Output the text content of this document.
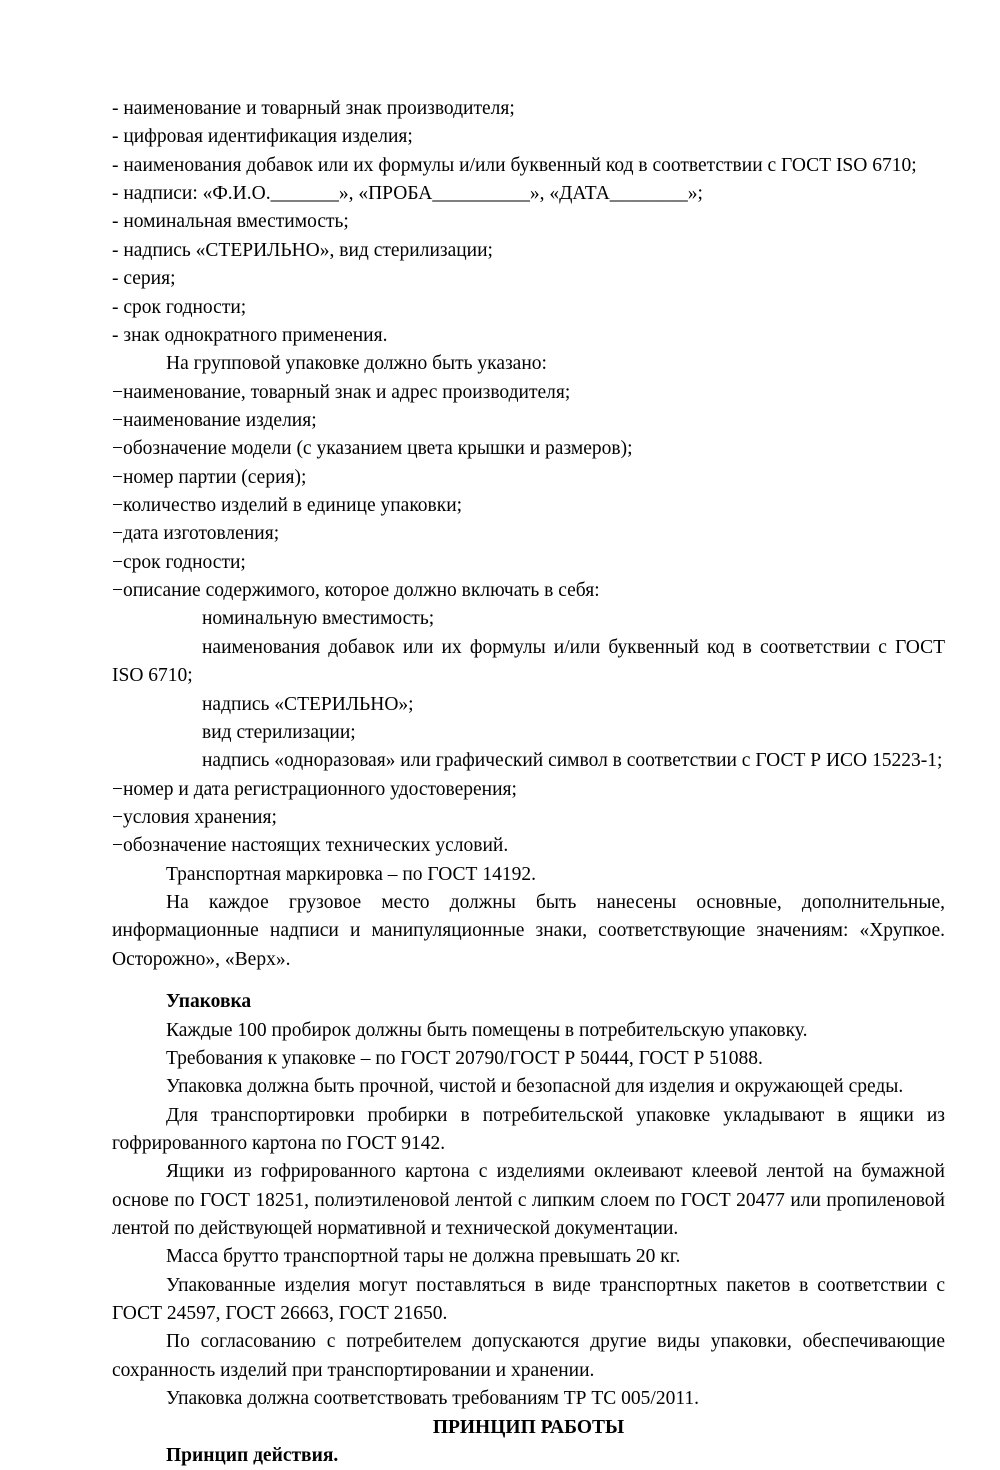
- наименование и товарный знак производителя;

- цифровая идентификация изделия;

- наименования добавок или их формулы и/или буквенный код в соответствии с ГОСТ ISO 6710;

- надписи: «Ф.И.О._______», «ПРОБА__________», «ДАТА________»;

- номинальная вместимость;

- надпись «СТЕРИЛЬНО», вид стерилизации;

- серия;

- срок годности;

- знак однократного применения.

На групповой упаковке должно быть указано:

−наименование, товарный знак и адрес производителя;

−наименование изделия;

−обозначение модели (с указанием цвета крышки и размеров);

−номер партии (серия);

−количество изделий в единице упаковки;

−дата изготовления;

−срок годности;

−описание содержимого, которое должно включать в себя:

номинальную вместимость;

наименования добавок или их формулы и/или буквенный код в соответствии с ГОСТ ISO 6710;

надпись «СТЕРИЛЬНО»;

вид стерилизации;

надпись «одноразовая» или графический символ в соответствии с ГОСТ Р ИСО 15223-1;

−номер и дата регистрационного удостоверения;

−условия хранения;

−обозначение настоящих технических условий.

Транспортная маркировка – по ГОСТ 14192.

На каждое грузовое место должны быть нанесены основные, дополнительные, информационные надписи и манипуляционные знаки, соответствующие значениям: «Хрупкое. Осторожно», «Верх».

Упаковка

Каждые 100 пробирок должны быть помещены в потребительскую упаковку.

Требования к упаковке – по ГОСТ 20790/ГОСТ Р 50444, ГОСТ Р 51088.

Упаковка должна быть прочной, чистой и безопасной для изделия и окружающей среды.

Для транспортировки пробирки в потребительской упаковке укладывают в ящики из гофрированного картона по ГОСТ 9142.

Ящики из гофрированного картона с изделиями оклеивают клеевой лентой на бумажной основе по ГОСТ 18251, полиэтиленовой лентой с липким слоем по ГОСТ 20477 или пропиленовой лентой по действующей нормативной и технической документации.

Масса брутто транспортной тары не должна превышать 20 кг.

Упакованные изделия могут поставляться в виде транспортных пакетов в соответствии с ГОСТ 24597, ГОСТ 26663, ГОСТ 21650.

По согласованию с потребителем допускаются другие виды упаковки, обеспечивающие сохранность изделий при транспортировании и хранении.

Упаковка должна соответствовать требованиям ТР ТС 005/2011.

ПРИНЦИП РАБОТЫ

Принцип действия.
